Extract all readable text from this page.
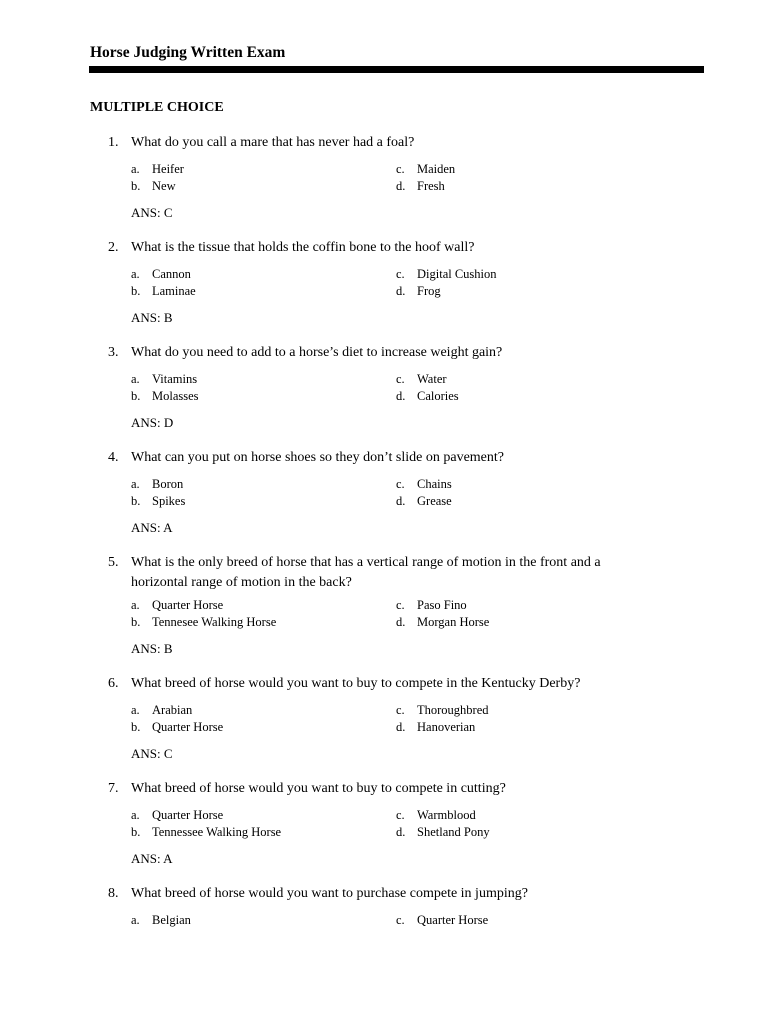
Horse Judging Written Exam
MULTIPLE CHOICE
1. What do you call a mare that has never had a foal?
a. Heifer
b. New
c. Maiden
d. Fresh
ANS: C
2. What is the tissue that holds the coffin bone to the hoof wall?
a. Cannon
b. Laminae
c. Digital Cushion
d. Frog
ANS: B
3. What do you need to add to a horse’s diet to increase weight gain?
a. Vitamins
b. Molasses
c. Water
d. Calories
ANS: D
4. What can you put on horse shoes so they don’t slide on pavement?
a. Boron
b. Spikes
c. Chains
d. Grease
ANS: A
5. What is the only breed of horse that has a vertical range of motion in the front and a horizontal range of motion in the back?
a. Quarter Horse
b. Tennesee Walking Horse
c. Paso Fino
d. Morgan Horse
ANS: B
6. What breed of horse would you want to buy to compete in the Kentucky Derby?
a. Arabian
b. Quarter Horse
c. Thoroughbred
d. Hanoverian
ANS: C
7. What breed of horse would you want to buy to compete in cutting?
a. Quarter Horse
b. Tennessee Walking Horse
c. Warmblood
d. Shetland Pony
ANS: A
8. What breed of horse would you want to purchase compete in jumping?
a. Belgian	c. Quarter Horse
